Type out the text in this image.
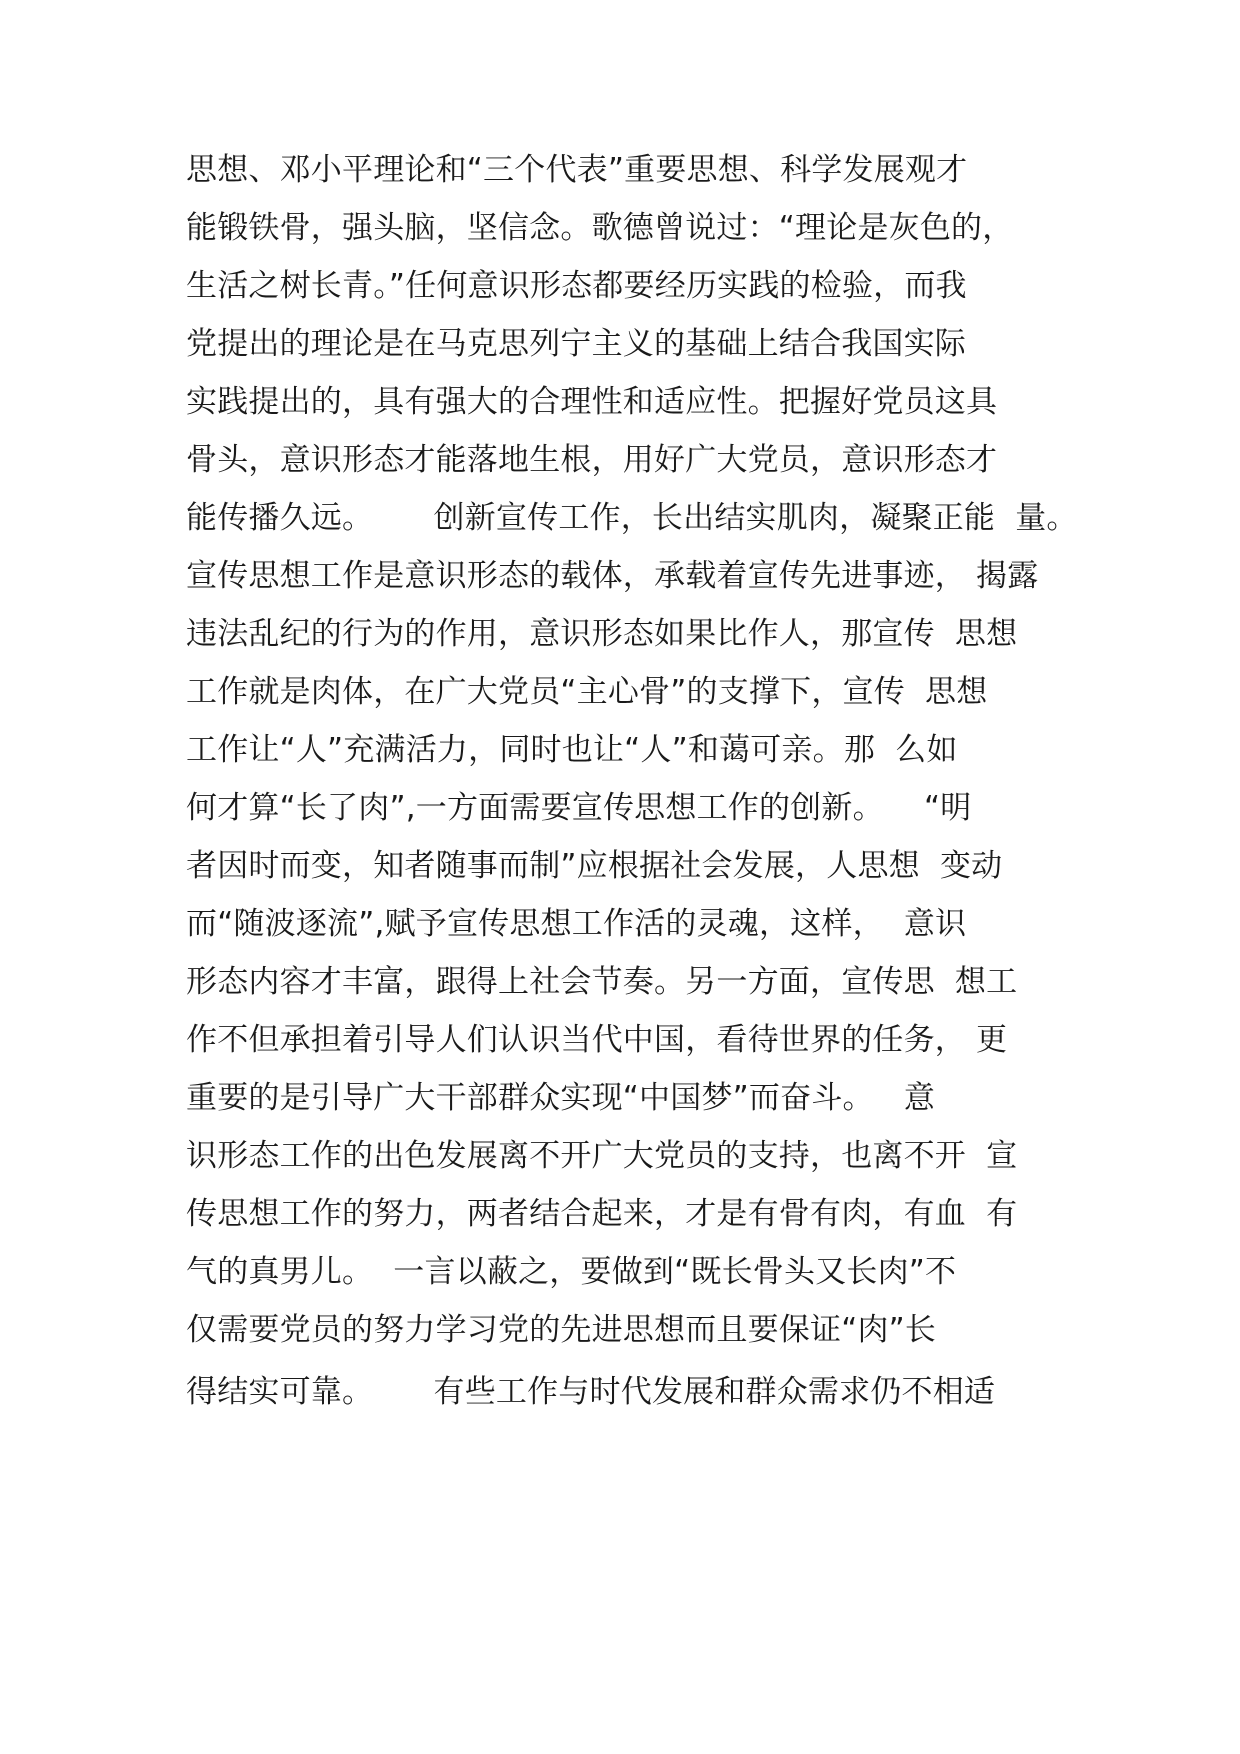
思想、邓小平理论和“三个代表”重要思想、科学发展观才
能锻铁骨，强头脑，坚信念。歌德曾说过：“理论是灰色的，
生活之树长青。”任何意识形态都要经历实践的检验，而我
党提出的理论是在马克思列宁主义的基础上结合我国实际
实践提出的，具有强大的合理性和适应性。把握好党员这具
骨头，意识形态才能落地生根，用好广大党员，意识形态才
能传播久远。      创新宣传工作，长出结实肌肉，凝聚正能  量。
宣传思想工作是意识形态的载体，承载着宣传先进事迹， 揭露
违法乱纪的行为的作用，意识形态如果比作人，那宣传  思想
工作就是肉体，在广大党员“主心骨”的支撑下，宣传  思想
工作让“人”充满活力，同时也让“人”和蔼可亲。那  么如
何才算“长了肉”,一方面需要宣传思想工作的创新。    “明
者因时而变，知者随事而制”应根据社会发展，人思想  变动
而“随波逐流”,赋予宣传思想工作活的灵魂，这样，  意识
形态内容才丰富，跟得上社会节奏。另一方面，宣传思  想工
作不但承担着引导人们认识当代中国，看待世界的任务， 更
重要的是引导广大干部群众实现“中国梦”而奋斗。   意
识形态工作的出色发展离不开广大党员的支持，也离不开  宣
传思想工作的努力，两者结合起来，才是有骨有肉，有血  有
气的真男儿。  一言以蔽之，要做到“既长骨头又长肉”不
仅需要党员的努力学习党的先进思想而且要保证“肉”长
得结实可靠。      有些工作与时代发展和群众需求仍不相适
